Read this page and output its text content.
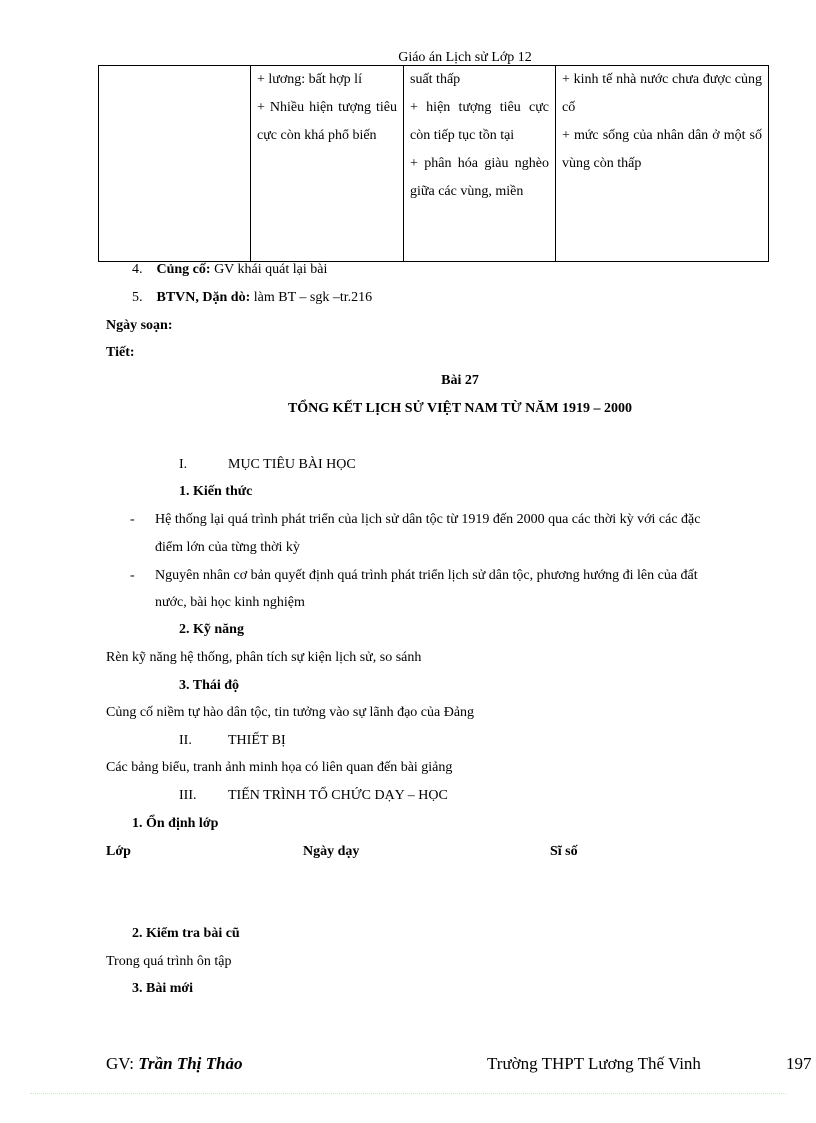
Giáo án Lịch sử Lớp 12

+ lương: bất hợp lí
+ Nhiều hiện tượng tiêu cực còn khá phổ biến

suất thấp
+ hiện tượng tiêu cực còn tiếp tục tồn tại
+ phân hóa giàu nghèo giữa các vùng, miền

+ kinh tế nhà nước chưa được củng cố
+ mức sống của nhân dân ở một số vùng còn thấp
4. Củng cố: GV khái quát lại bài
5. BTVN, Dặn dò: làm BT – sgk –tr.216
Ngày soạn:
Tiết:
Bài 27
TỔNG KẾT LỊCH SỬ VIỆT NAM TỪ NĂM 1919 – 2000
I.	MỤC TIÊU BÀI HỌC
1. Kiến thức
- Hệ thống lại quá trình phát triển của lịch sử dân tộc từ 1919 đến 2000 qua các thời kỳ với các đặc
điểm lớn của từng thời kỳ
- Nguyên nhân cơ bản quyết định quá trình phát triển lịch sử dân tộc, phương hướng đi lên của đất
nước, bài học kinh nghiệm
2. Kỹ năng
Rèn kỹ năng hệ thống, phân tích sự kiện lịch sử, so sánh
3. Thái độ
Củng cố niềm tự hào dân tộc, tin tưởng vào sự lãnh đạo của Đảng
II.	THIẾT BỊ
Các bảng biểu, tranh ảnh minh họa có liên quan đến bài giảng
III. TIẾN TRÌNH TỔ CHỨC DẠY – HỌC
1. Ổn định lớp
Lớp	Ngày dạy	Sĩ số
2. Kiểm tra bài cũ
Trong quá trình ôn tập
3. Bài mới
GV: Trần Thị Thảo	Trường THPT Lương Thế Vinh	197
